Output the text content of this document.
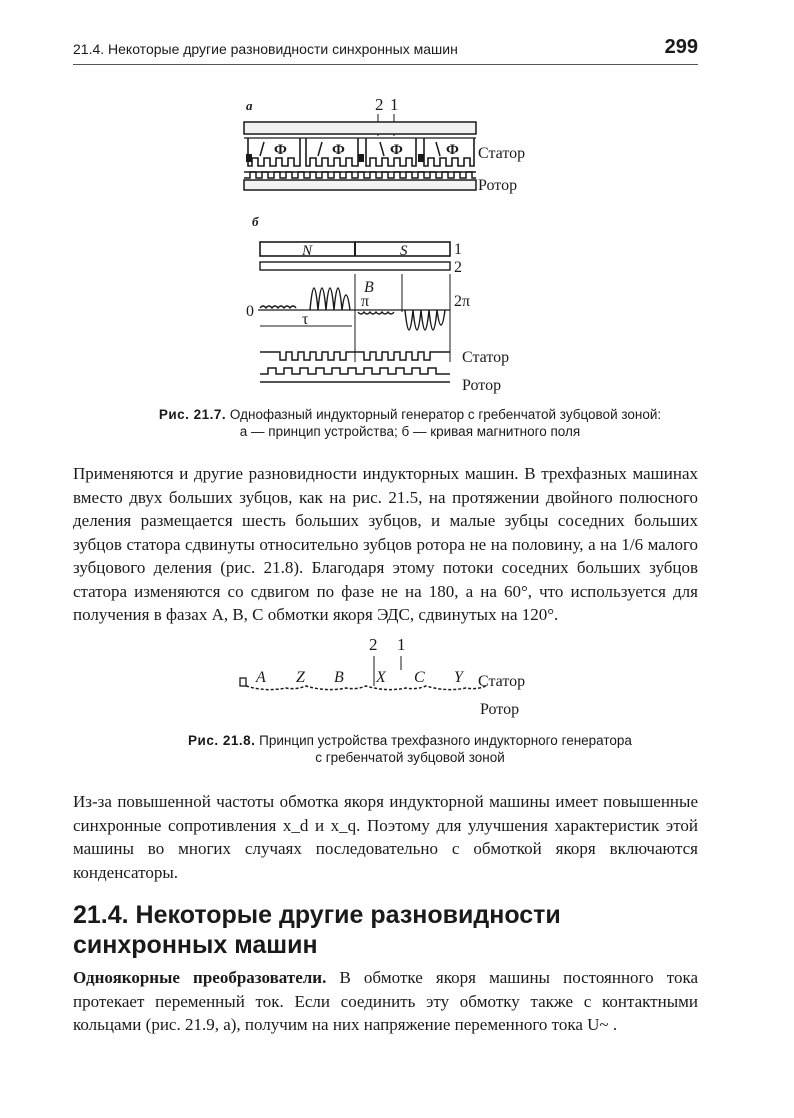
21.4. Некоторые другие разновидности синхронных машин	299
а	2 1
Ф	Ф	Ф	Ф Статор
Ротор
б
N	S	1
2
B
π	2π
0	τ
Статор
Ротор
Рис. 21.7. Однофазный индукторный генератор с гребенчатой зубцовой зоной:
а — принцип устройства; б — кривая магнитного поля
Применяются и другие разновидности индукторных машин. В трехфазных машинах вместо двух больших зубцов, как на рис. 21.5, на протяжении двойного полюсного деления размещается шесть больших зубцов, и малые зубцы соседних больших зубцов статора сдвинуты относительно зубцов ротора не на половину, а на 1/6 малого зубцового деления (рис. 21.8). Благодаря этому потоки соседних больших зубцов статора изменяются со сдвигом по фазе не на 180, а на 60°, что используется для получения в фазах A, B, C обмотки якоря ЭДС, сдвинутых на 120°.
2 1
A Z B X C Y Статор
Ротор
Рис. 21.8. Принцип устройства трехфазного индукторного генератора
с гребенчатой зубцовой зоной
Из-за повышенной частоты обмотка якоря индукторной машины имеет повышенные синхронные сопротивления x_d и x_q. Поэтому для улучшения характеристик этой машины во многих случаях последовательно с обмоткой якоря включаются конденсаторы.
21.4. Некоторые другие разновидности синхронных машин
Одноякорные преобразователи. В обмотке якоря машины постоянного тока протекает переменный ток. Если соединить эту обмотку также с контактными кольцами (рис. 21.9, а), получим на них напряжение переменного тока U~ .
